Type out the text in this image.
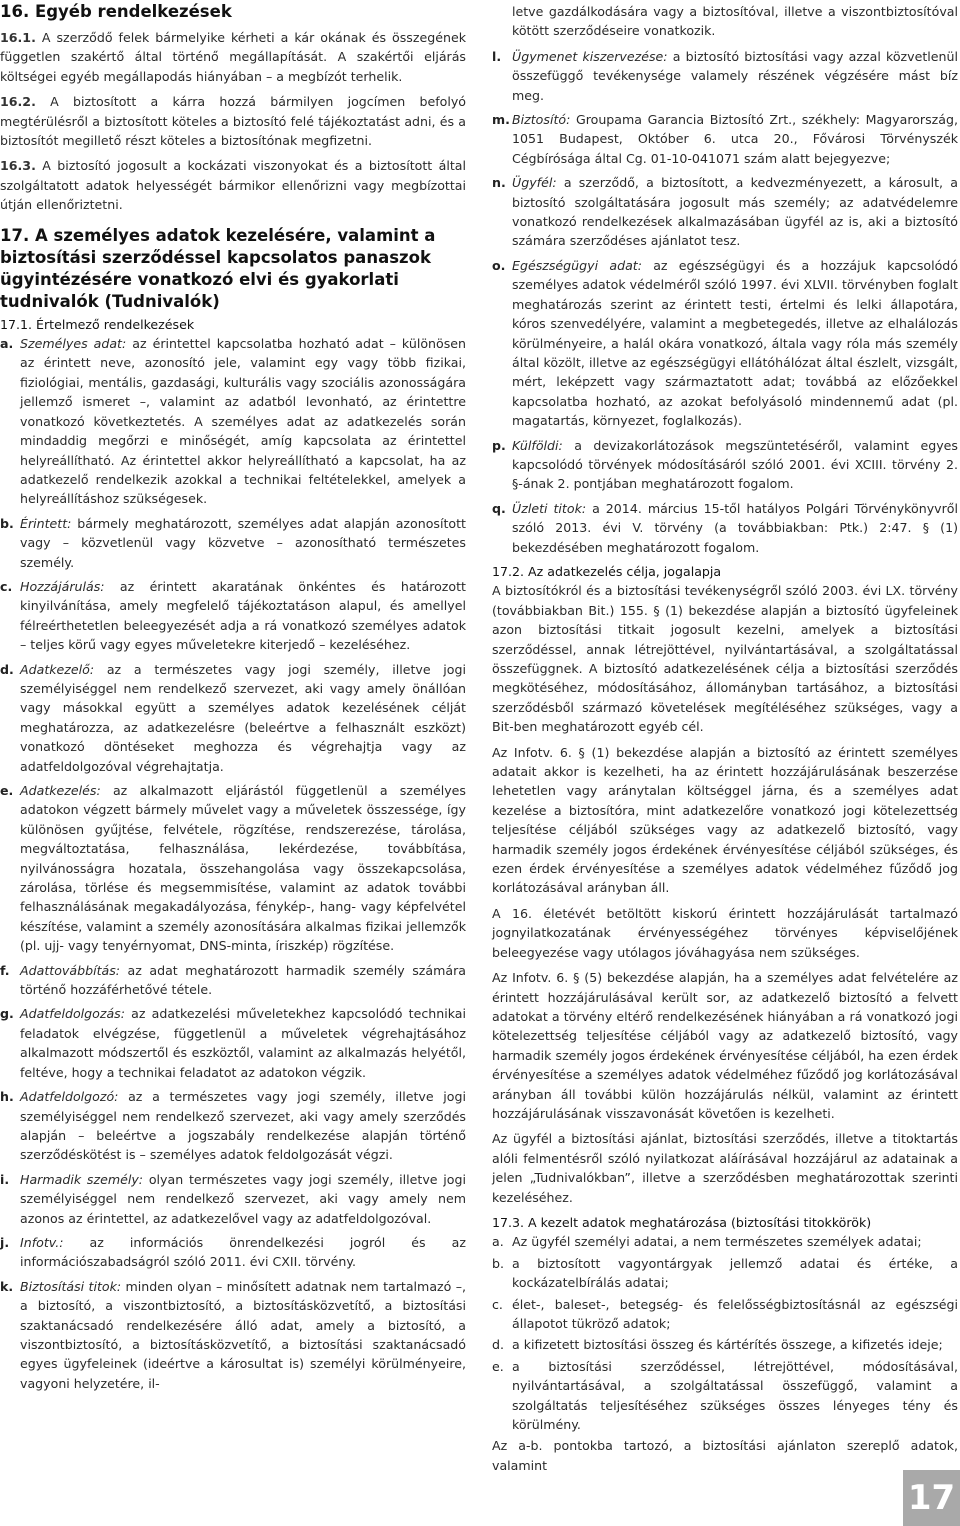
16. Egyéb rendelkezések

16.1. A szerződő felek bármelyike kérheti a kár okának és összegének független szakértő által történő megállapítását. A szakértői eljárás költségei egyéb megállapodás hiányában – a megbízót terhelik.

16.2. A biztosított a kárra hozzá bármilyen jogcímen befolyó megtérülésről a biztosított köteles a biztosító felé tájékoztatást adni, és a biztosítót megillető részt köteles a biztosítónak megfizetni.

16.3. A biztosító jogosult a kockázati viszonyokat és a biztosított által szolgáltatott adatok helyességét bármikor ellenőrizni vagy megbízottai útján ellenőriztetni.

17. A személyes adatok kezelésére, valamint a biztosítási szerződéssel kapcsolatos panaszok ügyintézésére vonatkozó elvi és gyakorlati tudnivalók (Tudnivalók)
17.1. Értelmező rendelkezések
a. Személyes adat: az érintettel kapcsolatba hozható adat – különösen az érintett neve, azonosító jele, valamint egy vagy több fizikai, fiziológiai, mentális, gazdasági, kulturális vagy szociális azonosságára jellemző ismeret –, valamint az adatból levonható, az érintettre vonatkozó következtetés. A személyes adat az adatkezelés során mindaddig megőrzi e minőségét, amíg kapcsolata az érintettel helyreállítható. Az érintettel akkor helyreállítható a kapcsolat, ha az adatkezelő rendelkezik azokkal a technikai feltételekkel, amelyek a helyreállításhoz szükségesek.
b. Érintett: bármely meghatározott, személyes adat alapján azonosított vagy – közvetlenül vagy közvetve – azonosítható természetes személy.
c. Hozzájárulás: az érintett akaratának önkéntes és határozott kinyilvánítása, amely megfelelő tájékoztatáson alapul, és amellyel félreérthetetlen beleegyezését adja a rá vonatkozó személyes adatok – teljes körű vagy egyes műveletekre kiterjedő – kezeléséhez.
d. Adatkezelő: az a természetes vagy jogi személy, illetve jogi személyiséggel nem rendelkező szervezet, aki vagy amely önállóan vagy másokkal együtt a személyes adatok kezelésének célját meghatározza, az adatkezelésre (beleértve a felhasznált eszközt) vonatkozó döntéseket meghozza és végrehajtja vagy az adatfeldolgozóval végrehajtatja.
e. Adatkezelés: az alkalmazott eljárástól függetlenül a személyes adatokon végzett bármely művelet vagy a műveletek összessége, így különösen gyűjtése, felvétele, rögzítése, rendszerezése, tárolása, megváltoztatása, felhasználása, lekérdezése, továbbítása, nyilvánosságra hozatala, összehangolása vagy összekapcsolása, zárolása, törlése és megsemmisítése, valamint az adatok további felhasználásának megakadályozása, fénykép-, hang- vagy képfelvétel készítése, valamint a személy azonosítására alkalmas fizikai jellemzők (pl. ujj- vagy tenyérnyomat, DNS-minta, íriszkép) rögzítése.
f. Adattovábbítás: az adat meghatározott harmadik személy számára történő hozzáférhetővé tétele.
g. Adatfeldolgozás: az adatkezelési műveletekhez kapcsolódó technikai feladatok elvégzése, függetlenül a műveletek végrehajtásához alkalmazott módszertől és eszköztől, valamint az alkalmazás helyétől, feltéve, hogy a technikai feladatot az adatokon végzik.
h. Adatfeldolgozó: az a természetes vagy jogi személy, illetve jogi személyiséggel nem rendelkező szervezet, aki vagy amely szerződés alapján – beleértve a jogszabály rendelkezése alapján történő szerződéskötést is – személyes adatok feldolgozását végzi.
i. Harmadik személy: olyan természetes vagy jogi személy, illetve jogi személyiséggel nem rendelkező szervezet, aki vagy amely nem azonos az érintettel, az adatkezelővel vagy az adatfeldolgozóval.
j. Infotv.: az információs önrendelkezési jogról és az információszabadságról szóló 2011. évi CXII. törvény.
k. Biztosítási titok: minden olyan – minősített adatnak nem tartalmazó –, a biztosító, a viszontbiztosító, a biztosításközvetítő, a biztosítási szaktanácsadó rendelkezésére álló adat, amely a biztosító, a viszontbiztosító, a biztosításközvetítő, a biztosítási szaktanácsadó egyes ügyfeleinek (ideértve a károsultat is) személyi körülményeire, vagyoni helyzetére, il-

letve gazdálkodására vagy a biztosítóval, illetve a viszontbiztosítóval kötött szerződéseire vonatkozik.

l. Ügymenet kiszervezése: a biztosító biztosítási vagy azzal közvetlenül összefüggő tevékenysége valamely részének végzésére mást bíz meg.
m. Biztosító: Groupama Garancia Biztosító Zrt., székhely: Magyarország, 1051 Budapest, Október 6. utca 20., Fővárosi Törvényszék Cégbírósága által Cg. 01-10-041071 szám alatt bejegyezve;
n. Ügyfél: a szerződő, a biztosított, a kedvezményezett, a károsult, a biztosító szolgáltatására jogosult más személy; az adatvédelemre vonatkozó rendelkezések alkalmazásában ügyfél az is, aki a biztosító számára szerződéses ajánlatot tesz.
o. Egészségügyi adat: az egészségügyi és a hozzájuk kapcsolódó személyes adatok védelméről szóló 1997. évi XLVII. törvényben foglalt meghatározás szerint az érintett testi, értelmi és lelki állapotára, kóros szenvedélyére, valamint a megbetegedés, illetve az elhalálozás körülményeire, a halál okára vonatkozó, általa vagy róla más személy által közölt, illetve az egészségügyi ellátóhálózat által észlelt, vizsgált, mért, leképzett vagy származtatott adat; továbbá az előzőekkel kapcsolatba hozható, az azokat befolyásoló mindennemű adat (pl. magatartás, környezet, foglalkozás).
p. Külföldi: a devizakorlátozások megszüntetéséről, valamint egyes kapcsolódó törvények módosításáról szóló 2001. évi XCIII. törvény 2. §-ának 2. pontjában meghatározott fogalom.
q. Üzleti titok: a 2014. március 15-től hatályos Polgári Törvénykönyvről szóló 2013. évi V. törvény (a továbbiakban: Ptk.) 2:47. § (1) bekezdésében meghatározott fogalom.
17.2. Az adatkezelés célja, jogalapja

A biztosítókról és a biztosítási tevékenységről szóló 2003. évi LX. törvény (továbbiakban Bit.) 155. § (1) bekezdése alapján a biztosító ügyfeleinek azon biztosítási titkait jogosult kezelni, amelyek a biztosítási szerződéssel, annak létrejöttével, nyilvántartásával, a szolgáltatással összefüggnek. A biztosító adatkezelésének célja a biztosítási szerződés megkötéséhez, módosításához, állományban tartásához, a biztosítási szerződésből származó követelések megítéléséhez szükséges, vagy a Bit-ben meghatározott egyéb cél.

Az Infotv. 6. § (1) bekezdése alapján a biztosító az érintett személyes adatait akkor is kezelheti, ha az érintett hozzájárulásának beszerzése lehetetlen vagy aránytalan költséggel járna, és a személyes adat kezelése a biztosítóra, mint adatkezelőre vonatkozó jogi kötelezettség teljesítése céljából szükséges vagy az adatkezelő biztosító, vagy harmadik személy jogos érdekének érvényesítése céljából szükséges, és ezen érdek érvényesítése a személyes adatok védelméhez fűződő jog korlátozásával arányban áll.

A 16. életévét betöltött kiskorú érintett hozzájárulását tartalmazó jognyilatkozatának érvényességéhez törvényes képviselőjének beleegyezése vagy utólagos jóváhagyása nem szükséges.

Az Infotv. 6. § (5) bekezdése alapján, ha a személyes adat felvételére az érintett hozzájárulásával került sor, az adatkezelő biztosító a felvett adatokat a törvény eltérő rendelkezésének hiányában a rá vonatkozó jogi kötelezettség teljesítése céljából vagy az adatkezelő biztosító, vagy harmadik személy jogos érdekének érvényesítése céljából, ha ezen érdek érvényesítése a személyes adatok védelméhez fűződő jog korlátozásával arányban áll további külön hozzájárulás nélkül, valamint az érintett hozzájárulásának visszavonását követően is kezelheti.

Az ügyfél a biztosítási ajánlat, biztosítási szerződés, illetve a titoktartás alóli felmentésről szóló nyilatkozat aláírásával hozzájárul az adatainak a jelen „Tudnivalókban”, illetve a szerződésben meghatározottak szerinti kezeléséhez.

17.3. A kezelt adatok meghatározása (biztosítási titokkörök)
a. Az ügyfél személyi adatai, a nem természetes személyek adatai;
b. a biztosított vagyontárgyak jellemző adatai és értéke, a kockázatelbírálás adatai;
c. élet-, baleset-, betegség- és felelősségbiztosításnál az egészségi állapotot tükröző adatok;
d. a kifizetett biztosítási összeg és kártérítés összege, a kifizetés ideje;
e. a biztosítási szerződéssel, létrejöttével, módosításával, nyilvántartásával, a szolgáltatással összefüggő, valamint a szolgáltatás teljesítéséhez szükséges összes lényeges tény és körülmény.

Az a-b. pontokba tartozó, a biztosítási ajánlaton szereplő adatok, valamint

17
